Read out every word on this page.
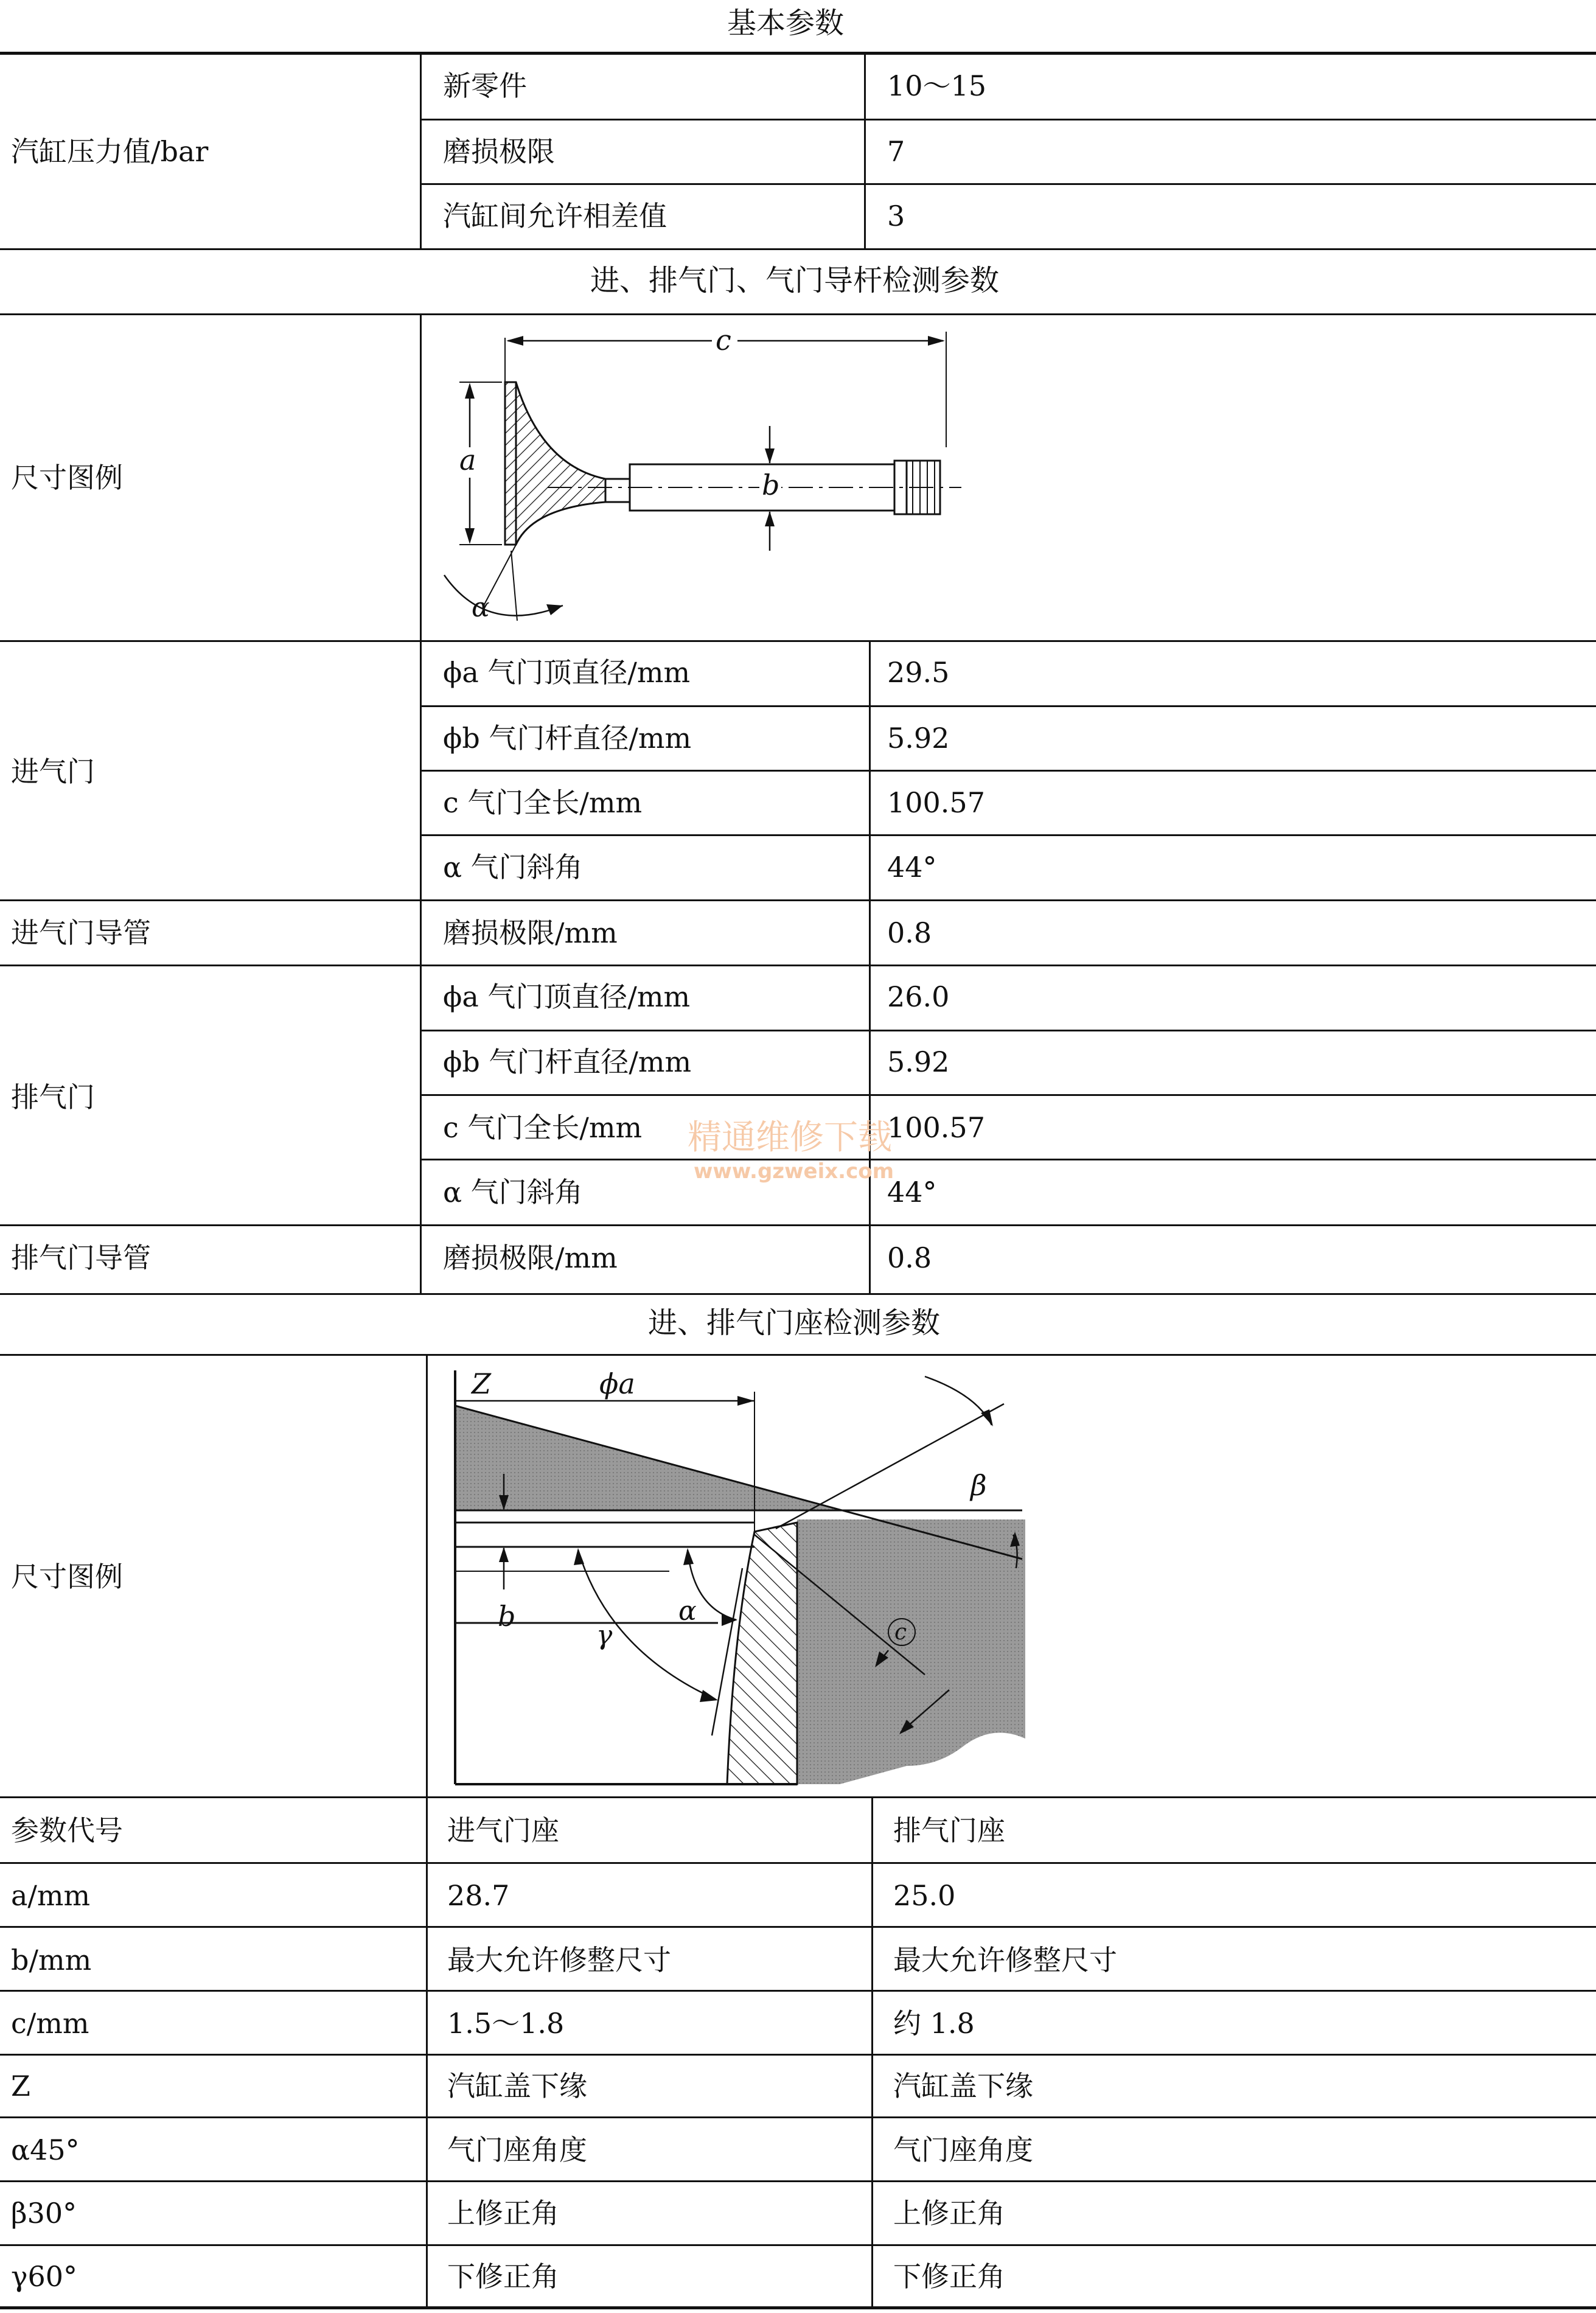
基本参数
汽缸压力值/bar
新零件	10～15
磨损极限	7
汽缸间允许相差值	3
进、排气门、气门导杆检测参数
尺寸图例
c
a
b
α
进气门
ϕa 气门顶直径/mm	29.5
ϕb 气门杆直径/mm	5.92
c 气门全长/mm	100.57
α 气门斜角	44°
进气门导管	磨损极限/mm	0.8
排气门
ϕa 气门顶直径/mm	26.0
ϕb 气门杆直径/mm	5.92
c 气门全长/mm	100.57
α 气门斜角	44°
排气门导管	磨损极限/mm	0.8
精通维修下载
www.gzweix.com
进、排气门座检测参数
尺寸图例
ϕa
Z
b	α
γ
β
c
参数代号	进气门座	排气门座
a/mm	28.7	25.0
b/mm	最大允许修整尺寸	最大允许修整尺寸
c/mm	1.5～1.8	约 1.8
Z	汽缸盖下缘	汽缸盖下缘
α45°	气门座角度	气门座角度
β30°	上修正角	上修正角
γ60°	下修正角	下修正角
